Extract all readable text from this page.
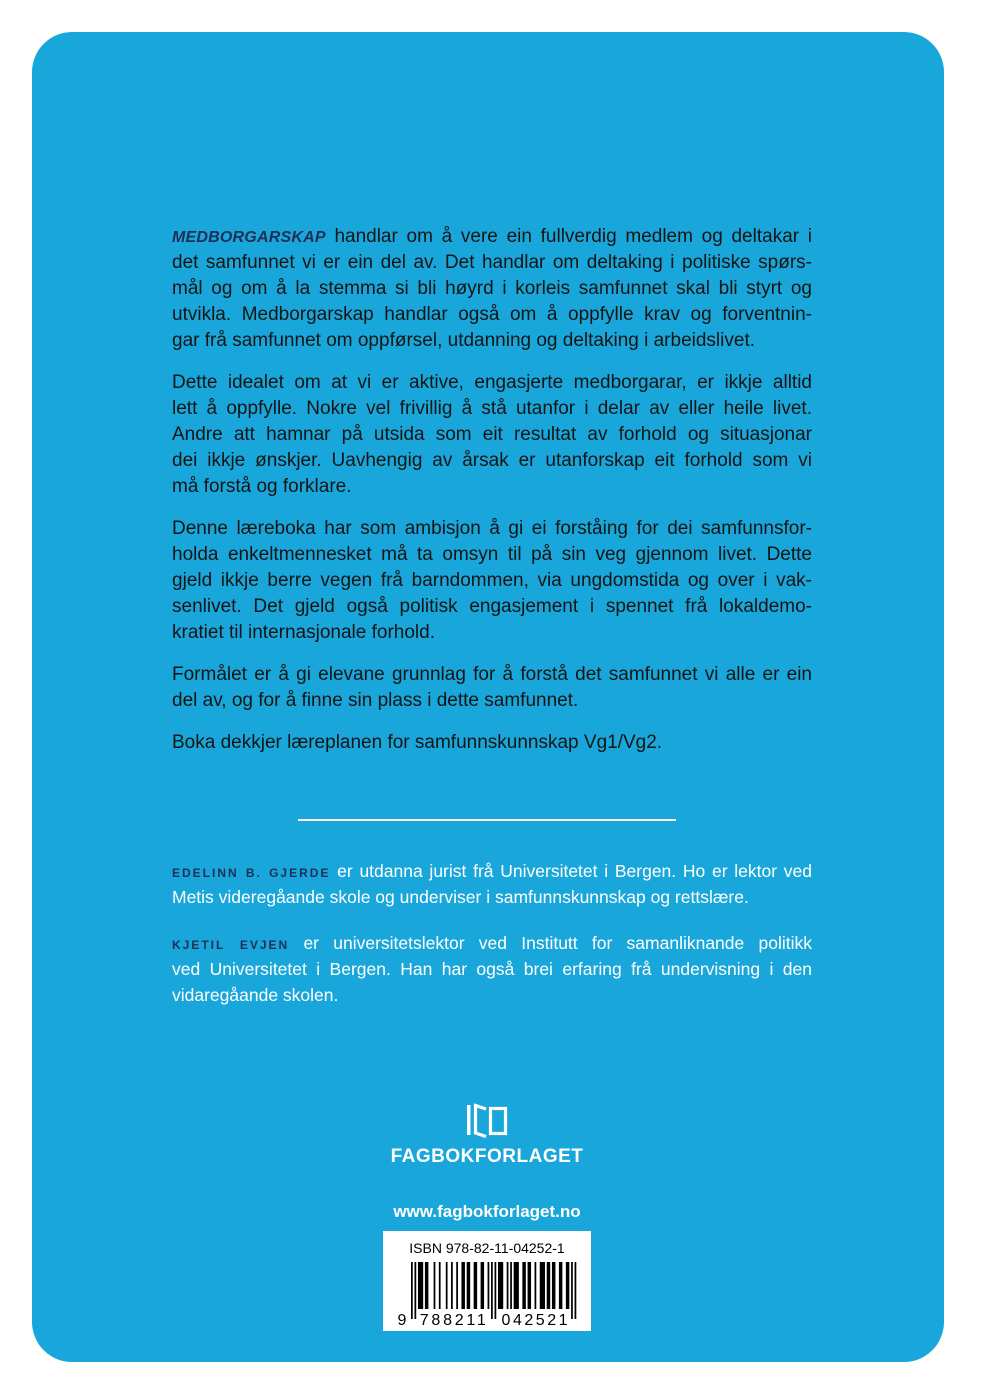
MEDBORGARSKAP handlar om å vere ein fullverdig medlem og deltakar i
det samfunnet vi er ein del av. Det handlar om deltaking i politiske spørs-
mål og om å la stemma si bli høyrd i korleis samfunnet skal bli styrt og
utvikla. Medborgarskap handlar også om å oppfylle krav og forventnin-
gar frå samfunnet om oppførsel, utdanning og deltaking i arbeidslivet.
Dette idealet om at vi er aktive, engasjerte medborgarar, er ikkje alltid
lett å oppfylle. Nokre vel frivillig å stå utanfor i delar av eller heile livet.
Andre att hamnar på utsida som eit resultat av forhold og situasjonar
dei ikkje ønskjer. Uavhengig av årsak er utanforskap eit forhold som vi
må forstå og forklare.
Denne læreboka har som ambisjon å gi ei forståing for dei samfunnsfor-
holda enkeltmennesket må ta omsyn til på sin veg gjennom livet. Dette
gjeld ikkje berre vegen frå barndommen, via ungdomstida og over i vak-
senlivet. Det gjeld også politisk engasjement i spennet frå lokaldemo-
kratiet til internasjonale forhold.
Formålet er å gi elevane grunnlag for å forstå det samfunnet vi alle er ein
del av, og for å finne sin plass i dette samfunnet.
Boka dekkjer læreplanen for samfunnskunnskap Vg1/Vg2.
EDELINN B. GJERDE er utdanna jurist frå Universitetet i Bergen. Ho er lektor ved
Metis videregåande skole og underviser i samfunnskunnskap og rettslære.
KJETIL EVJEN er universitetslektor ved Institutt for samanliknande politikk
ved Universitetet i Bergen. Han har også brei erfaring frå undervisning i den
vidaregåande skolen.
FAGBOKFORLAGET
www.fagbokforlaget.no
ISBN 978-82-11-04252-1
9 788211 042521
